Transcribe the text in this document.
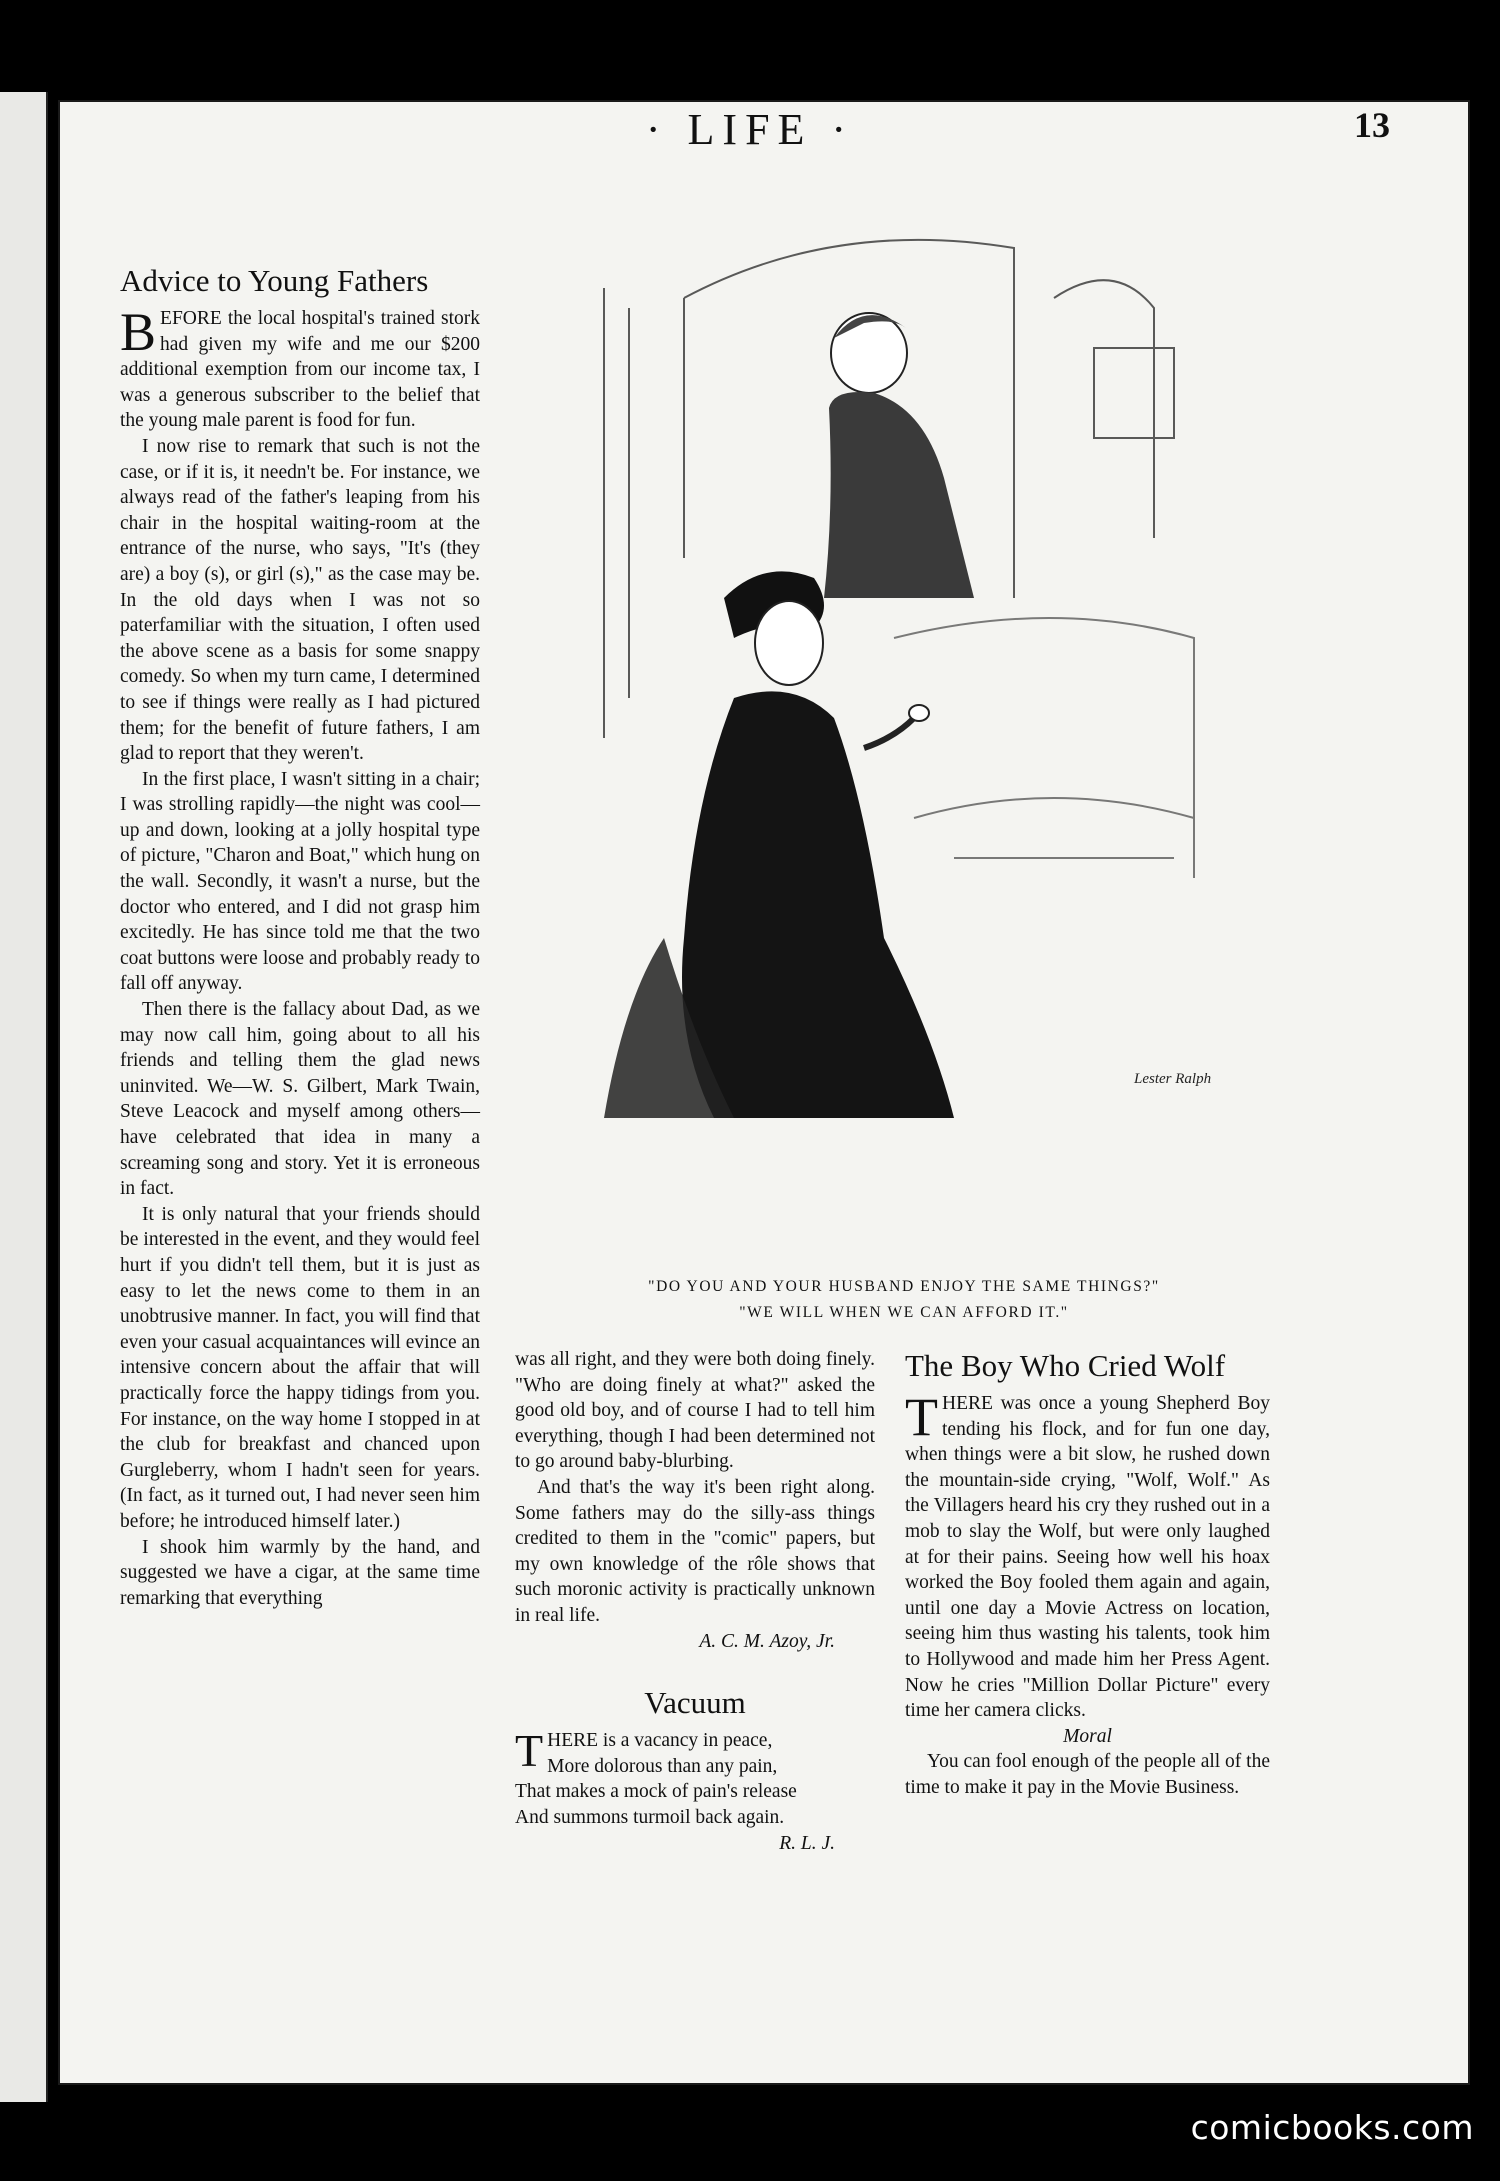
· LIFE ·	13
Advice to Young Fathers

BEFORE the local hospital's trained stork had given my wife and me our $200 additional exemption from our income tax, I was a generous subscriber to the belief that the young male parent is food for fun.

I now rise to remark that such is not the case, or if it is, it needn't be. For instance, we always read of the father's leaping from his chair in the hospital waiting-room at the entrance of the nurse, who says, "It's (they are) a boy (s), or girl (s)," as the case may be. In the old days when I was not so paterfamiliar with the situation, I often used the above scene as a basis for some snappy comedy. So when my turn came, I determined to see if things were really as I had pictured them; for the benefit of future fathers, I am glad to report that they weren't.

In the first place, I wasn't sitting in a chair; I was strolling rapidly—the night was cool—up and down, looking at a jolly hospital type of picture, "Charon and Boat," which hung on the wall. Secondly, it wasn't a nurse, but the doctor who entered, and I did not grasp him excitedly. He has since told me that the two coat buttons were loose and probably ready to fall off anyway.

Then there is the fallacy about Dad, as we may now call him, going about to all his friends and telling them the glad news uninvited. We—W. S. Gilbert, Mark Twain, Steve Leacock and myself among others—have celebrated that idea in many a screaming song and story. Yet it is erroneous in fact.

It is only natural that your friends should be interested in the event, and they would feel hurt if you didn't tell them, but it is just as easy to let the news come to them in an unobtrusive manner. In fact, you will find that even your casual acquaintances will evince an intensive concern about the affair that will practically force the happy tidings from you. For instance, on the way home I stopped in at the club for breakfast and chanced upon Gurgleberry, whom I hadn't seen for years. (In fact, as it turned out, I had never seen him before; he introduced himself later.)

I shook him warmly by the hand, and suggested we have a cigar, at the same time remarking that everything

Lester Ralph
"DO YOU AND YOUR HUSBAND ENJOY THE SAME THINGS?"
"WE WILL WHEN WE CAN AFFORD IT."

was all right, and they were both doing finely. "Who are doing finely at what?" asked the good old boy, and of course I had to tell him everything, though I had been determined not to go around baby-blurbing.

And that's the way it's been right along. Some fathers may do the silly-ass things credited to them in the "comic" papers, but my own knowledge of the rôle shows that such moronic activity is practically unknown in real life.

A. C. M. Azoy, Jr.
Vacuum

THERE is a vacancy in peace,

More dolorous than any pain,

That makes a mock of pain's release

And summons turmoil back again.

R. L. J.
The Boy Who Cried Wolf

THERE was once a young Shepherd Boy tending his flock, and for fun one day, when things were a bit slow, he rushed down the mountain-side crying, "Wolf, Wolf." As the Villagers heard his cry they rushed out in a mob to slay the Wolf, but were only laughed at for their pains. Seeing how well his hoax worked the Boy fooled them again and again, until one day a Movie Actress on location, seeing him thus wasting his talents, took him to Hollywood and made him her Press Agent. Now he cries "Million Dollar Picture" every time her camera clicks.

Moral

You can fool enough of the people all of the time to make it pay in the Movie Business.

comicbooks.com
